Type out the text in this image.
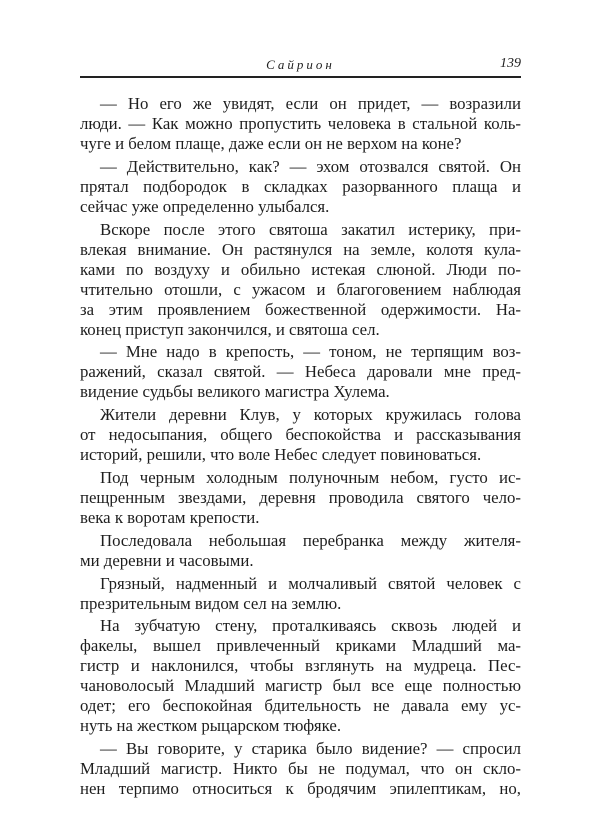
Сайрион	139
— Но его же увидят, если он придет, — возразили
люди. — Как можно пропустить человека в стальной коль-
чуге и белом плаще, даже если он не верхом на коне?
— Действительно, как? — эхом отозвался святой. Он
прятал подбородок в складках разорванного плаща и
сейчас уже определенно улыбался.
Вскоре после этого святоша закатил истерику, при-
влекая внимание. Он растянулся на земле, колотя кула-
ками по воздуху и обильно истекая слюной. Люди по-
чтительно отошли, с ужасом и благоговением наблюдая
за этим проявлением божественной одержимости. На-
конец приступ закончился, и святоша сел.
— Мне надо в крепость, — тоном, не терпящим воз-
ражений, сказал святой. — Небеса даровали мне пред-
видение судьбы великого магистра Хулема.
Жители деревни Клув, у которых кружилась голова
от недосыпания, общего беспокойства и рассказывания
историй, решили, что воле Небес следует повиноваться.
Под черным холодным полуночным небом, густо ис-
пещренным звездами, деревня проводила святого чело-
века к воротам крепости.
Последовала небольшая перебранка между жителя-
ми деревни и часовыми.
Грязный, надменный и молчаливый святой человек с
презрительным видом сел на землю.
На зубчатую стену, проталкиваясь сквозь людей и
факелы, вышел привлеченный криками Младший ма-
гистр и наклонился, чтобы взглянуть на мудреца. Пес-
чановолосый Младший магистр был все еще полностью
одет; его беспокойная бдительность не давала ему ус-
нуть на жестком рыцарском тюфяке.
— Вы говорите, у старика было видение? — спросил
Младший магистр. Никто бы не подумал, что он скло-
нен терпимо относиться к бродячим эпилептикам, но,
